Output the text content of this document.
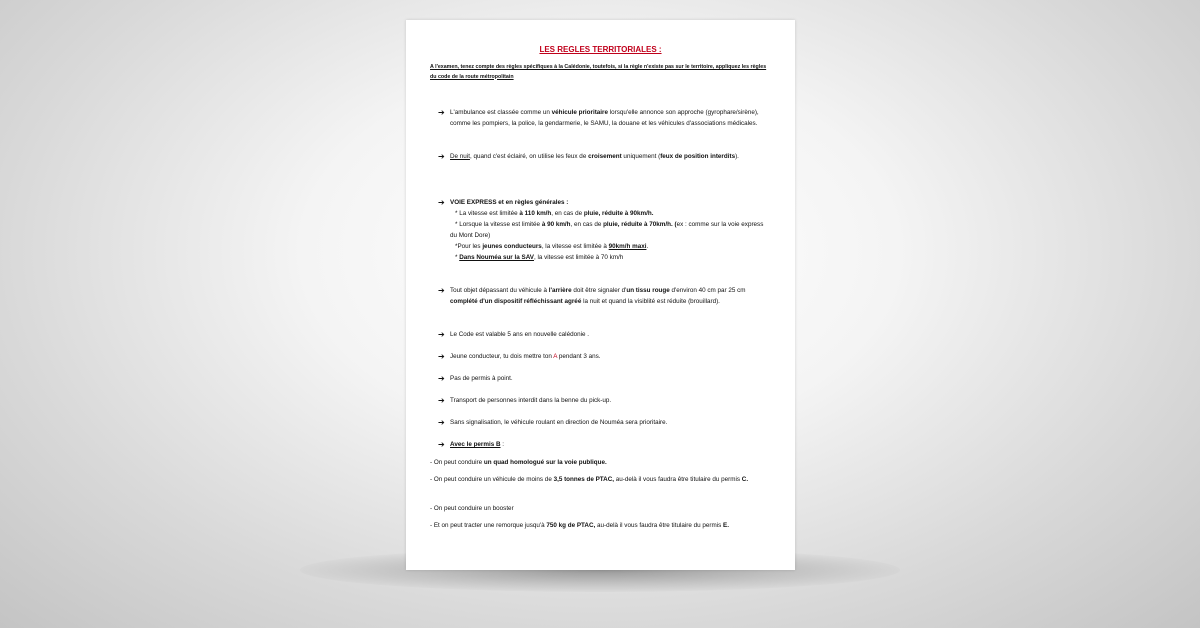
LES REGLES TERRITORIALES :
A l'examen, tenez compte des règles spécifiques à la Calédonie, toutefois, si la règle n'existe pas sur le territoire, appliquez les règles du code de la route métropolitain
➔ L'ambulance est classée comme un véhicule prioritaire lorsqu'elle annonce son approche (gyrophare/sirène), comme les pompiers, la police, la gendarmerie, le SAMU, la douane et les véhicules d'associations médicales.
➔ De nuit, quand c'est éclairé, on utilise les feux de croisement uniquement (feux de position interdits).
➔ VOIE EXPRESS et en règles générales :
* La vitesse est limitée à 110 km/h, en cas de pluie, réduite à 90km/h.
* Lorsque la vitesse est limitée à 90 km/h, en cas de pluie, réduite à 70km/h. (ex : comme sur la voie express du Mont Dore)
*Pour les jeunes conducteurs, la vitesse est limitée à 90km/h maxi.
* Dans Nouméa sur la SAV, la vitesse est limitée à 70 km/h
➔ Tout objet dépassant du véhicule à l'arrière doit être signaler d'un tissu rouge d'environ 40 cm par 25 cm complété d'un dispositif réfléchissant agréé la nuit et quand la visiblité est réduite (brouillard).
➔ Le Code est valable 5 ans en nouvelle calédonie .
➔ Jeune conducteur, tu dois mettre ton A pendant 3 ans.
➔ Pas de permis à point.
➔ Transport de personnes interdit dans la benne du pick-up.
➔ Sans signalisation, le véhicule roulant en direction de Nouméa sera prioritaire.
➔ Avec le permis B :
- On peut conduire un quad homologué sur la voie publique.
- On peut conduire un véhicule de moins de 3,5 tonnes de PTAC, au-delà il vous faudra être titulaire du permis C.
- On peut conduire un booster
- Et on peut tracter une remorque jusqu'à 750 kg de PTAC, au-delà il vous faudra être titulaire du permis E.
